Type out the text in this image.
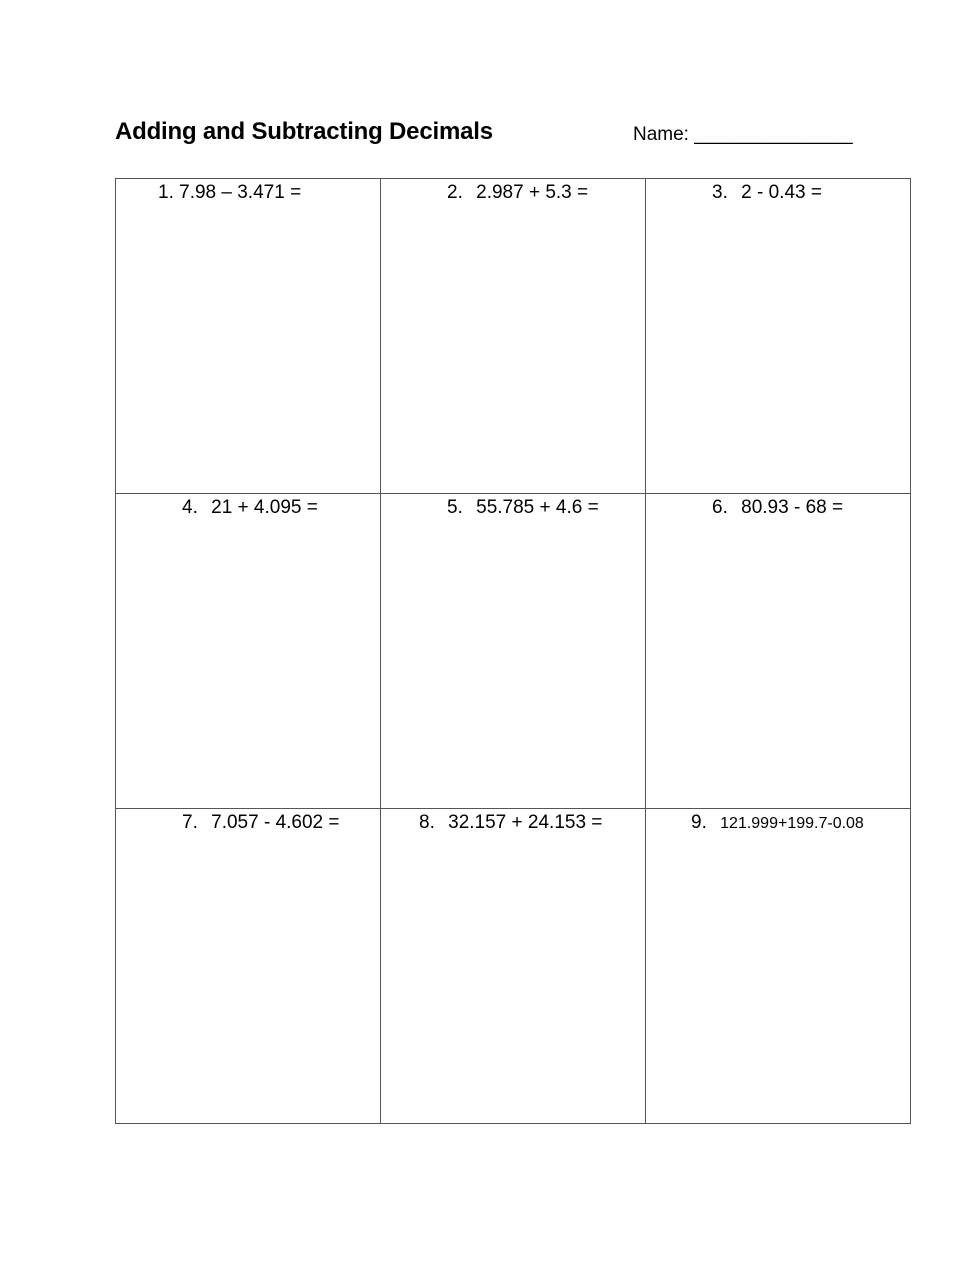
Adding and Subtracting Decimals	Name: _______________
1. 7.98 – 3.471 =	2. 2.987 + 5.3 =	3. 2 - 0.43 =

4. 21 + 4.095 =	5. 55.785 + 4.6 =	6. 80.93 - 68 =

7. 7.057 - 4.602 =	8. 32.157 + 24.153 =	9. 121.999+199.7-0.08
